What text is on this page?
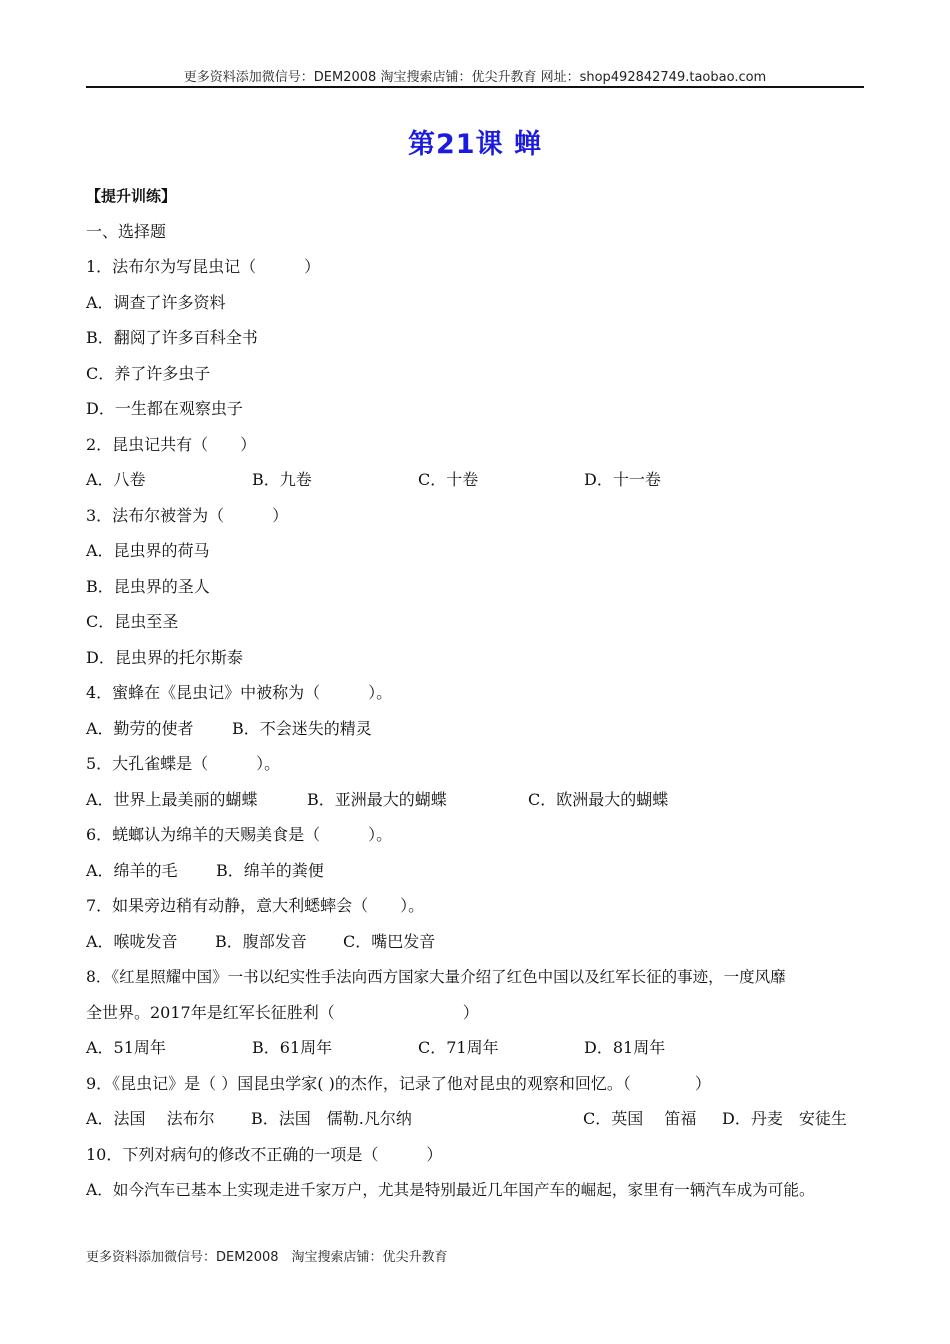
更多资料添加微信号：DEM2008 淘宝搜索店铺：优尖升教育 网址：shop492842749.taobao.com
第21课 蝉
【提升训练】
一、选择题
1．法布尔为写昆虫记（　　　）
A．调查了许多资料
B．翻阅了许多百科全书
C．养了许多虫子
D．一生都在观察虫子
2．昆虫记共有（　　）
A．八卷	B．九卷	C．十卷	D．十一卷
3．法布尔被誉为（　　　）
A．昆虫界的荷马
B．昆虫界的圣人
C．昆虫至圣
D．昆虫界的托尔斯泰
4．蜜蜂在《昆虫记》中被称为（　　　）。
A．勤劳的使者	B．不会迷失的精灵
5．大孔雀蝶是（　　　）。
A．世界上最美丽的蝴蝶	B．亚洲最大的蝴蝶	C．欧洲最大的蝴蝶
6．蜣螂认为绵羊的天赐美食是（　　　）。
A．绵羊的毛	B．绵羊的粪便
7．如果旁边稍有动静，意大利蟋蟀会（　　）。
A．喉咙发音	B．腹部发音	C．嘴巴发音
8．《红星照耀中国》一书以纪实性手法向西方国家大量介绍了红色中国以及红军长征的事迹，一度风靡
全世界。2017年是红军长征胜利（　　　　　　　　）
A．51周年	B．61周年	C．71周年	D．81周年
9．《昆虫记》是（ ）国昆虫学家( )的杰作，记录了他对昆虫的观察和回忆。（　　　　）
A．法国　 法布尔	B．法国　儒勒.凡尔纳	C．英国　 笛福	D．丹麦　安徒生
10．下列对病句的修改不正确的一项是（　　　）
A．如今汽车已基本上实现走进千家万户，尤其是特别最近几年国产车的崛起，家里有一辆汽车成为可能。
更多资料添加微信号：DEM2008　淘宝搜索店铺：优尖升教育
